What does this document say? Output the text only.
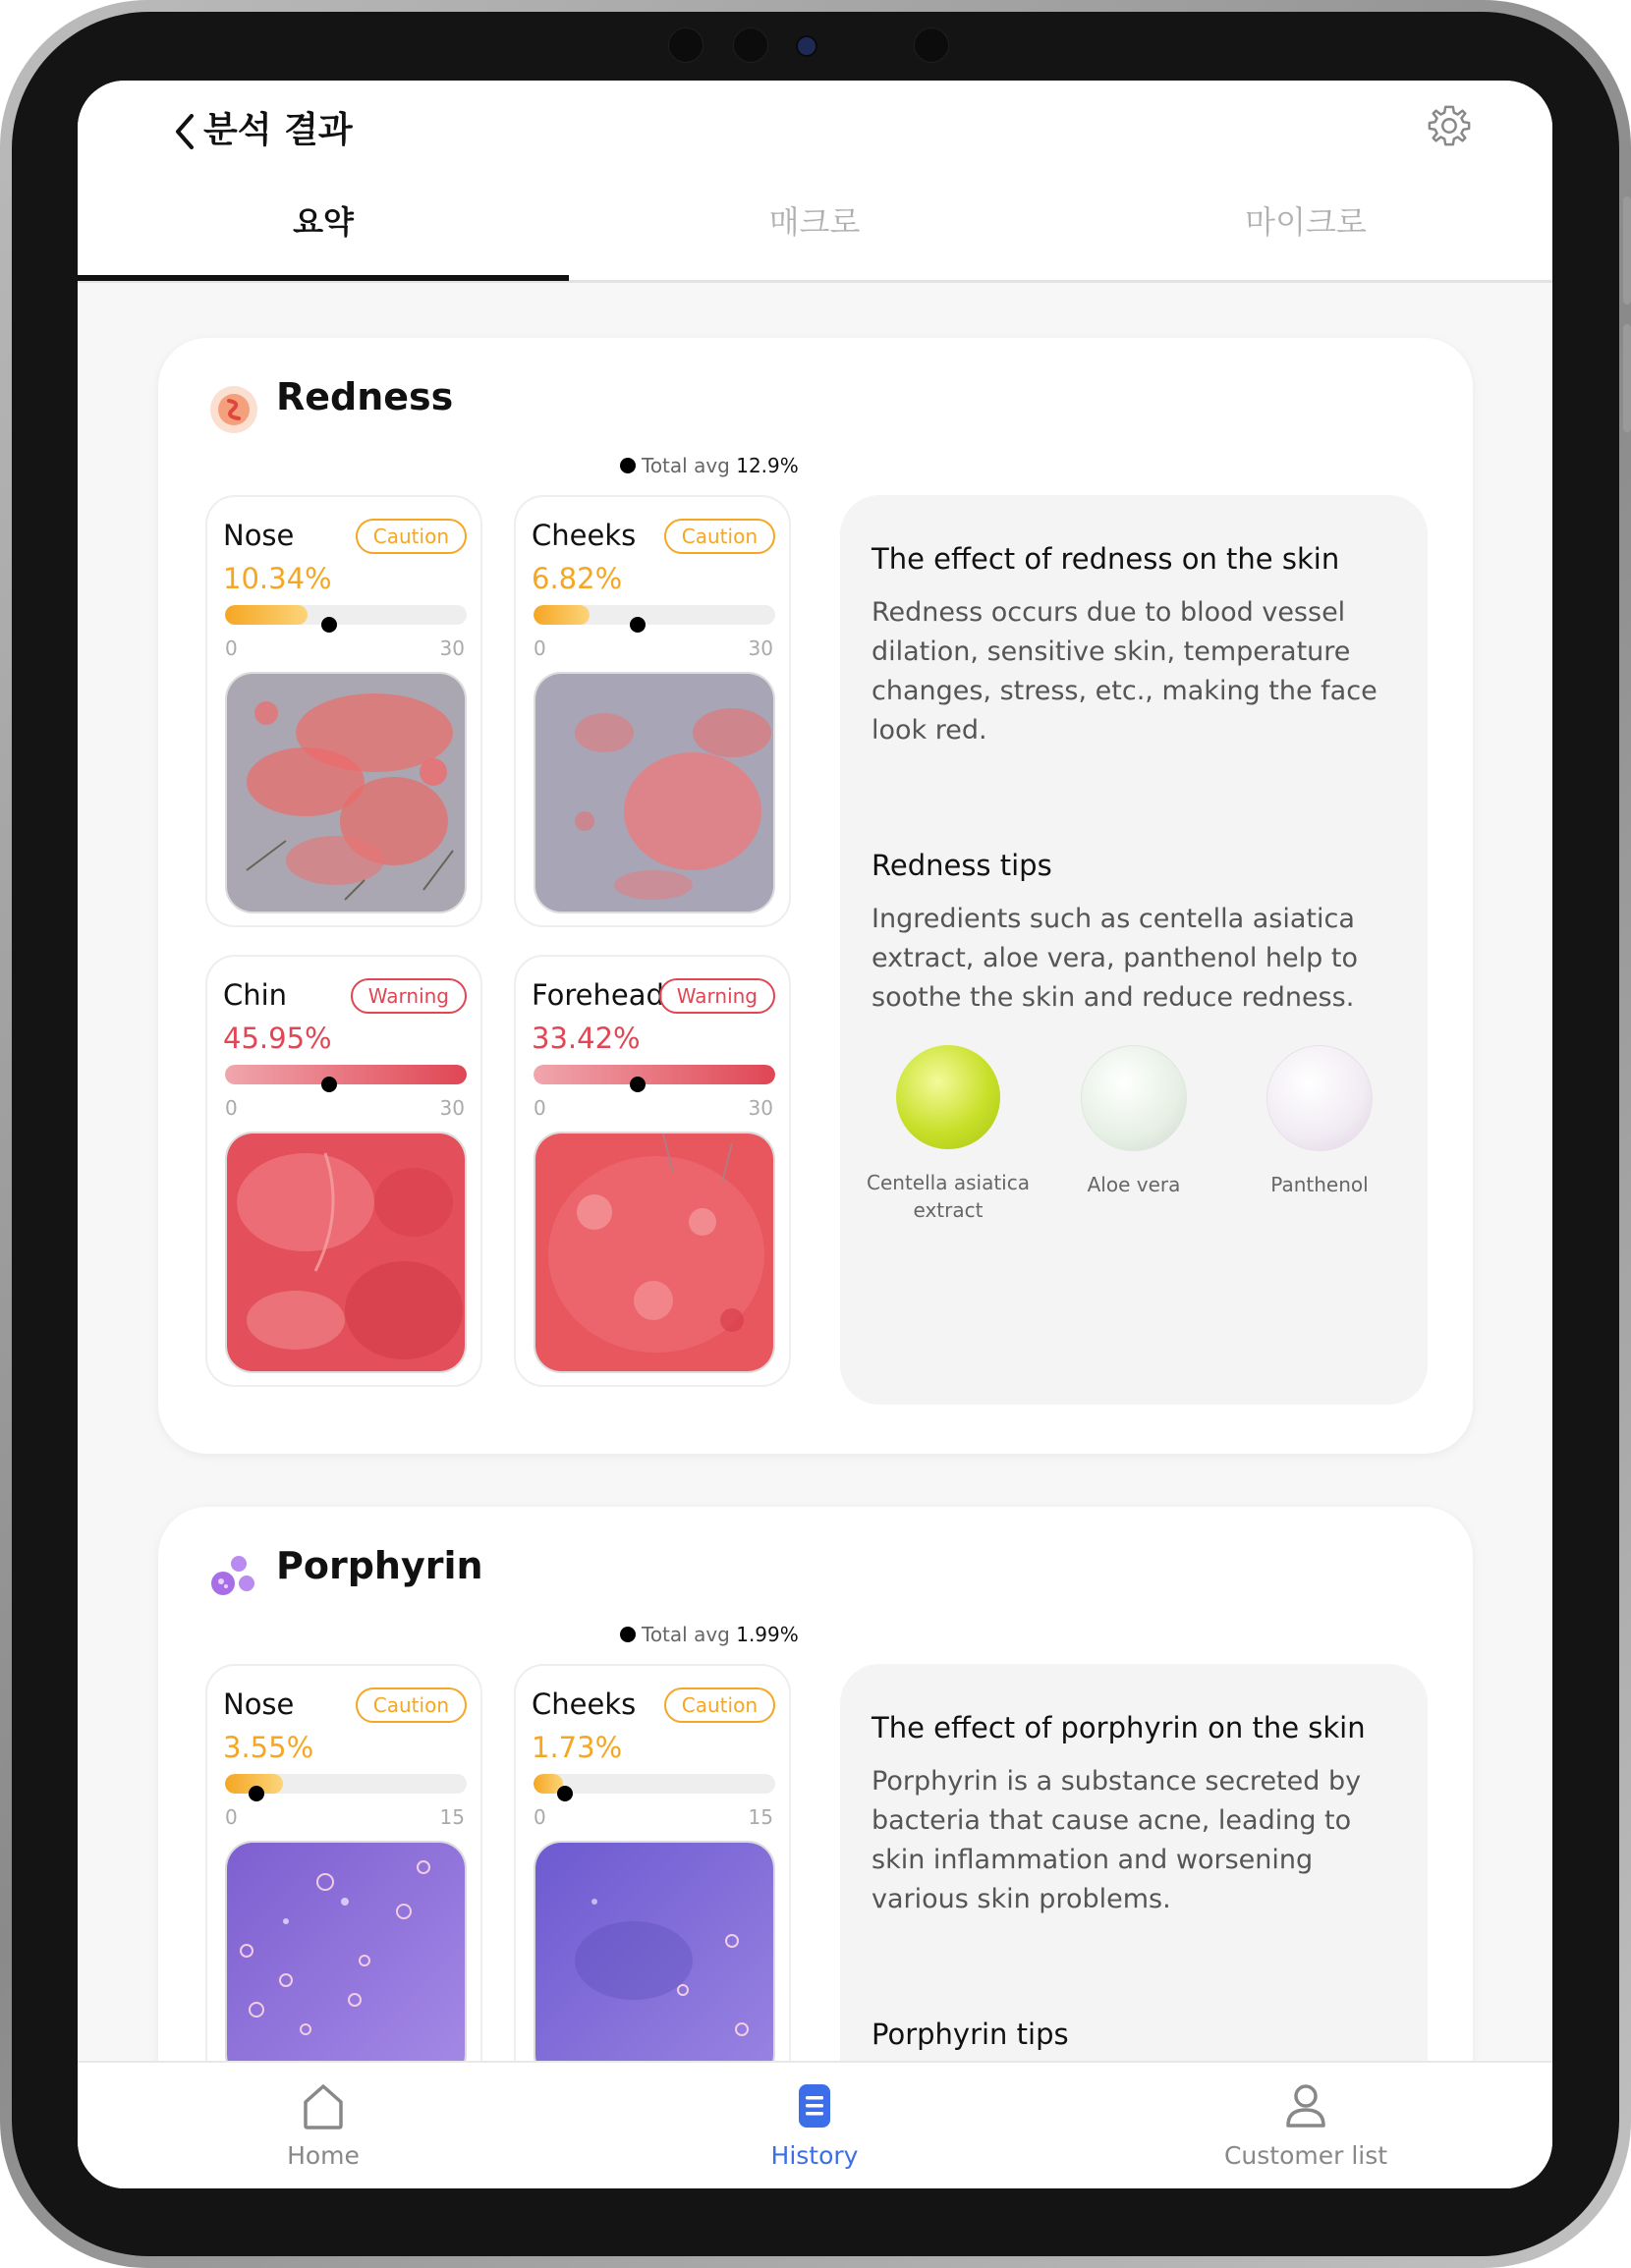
분석 결과
요약	매크로	마이크로
Redness
Total avg 12.9%
Nose	Caution
10.34%
0	30
Cheeks	Caution
6.82%
0	30
Chin	Warning
45.95%
0	30
Forehead Warning
33.42%
0	30
The effect of redness on the skin
Redness occurs due to blood vessel dilation, sensitive skin, temperature changes, stress, etc., making the face look red.
Redness tips
Ingredients such as centella asiatica extract, aloe vera, panthenol help to soothe the skin and reduce redness.
Centella asiatica extract
Aloe vera	Panthenol
Porphyrin
Total avg 1.99%
Nose	Caution
3.55%
0	15
Cheeks	Caution
1.73%
0	15
The effect of porphyrin on the skin
Porphyrin is a substance secreted by bacteria that cause acne, leading to skin inflammation and worsening various skin problems.
Porphyrin tips
Home	History	Customer list
